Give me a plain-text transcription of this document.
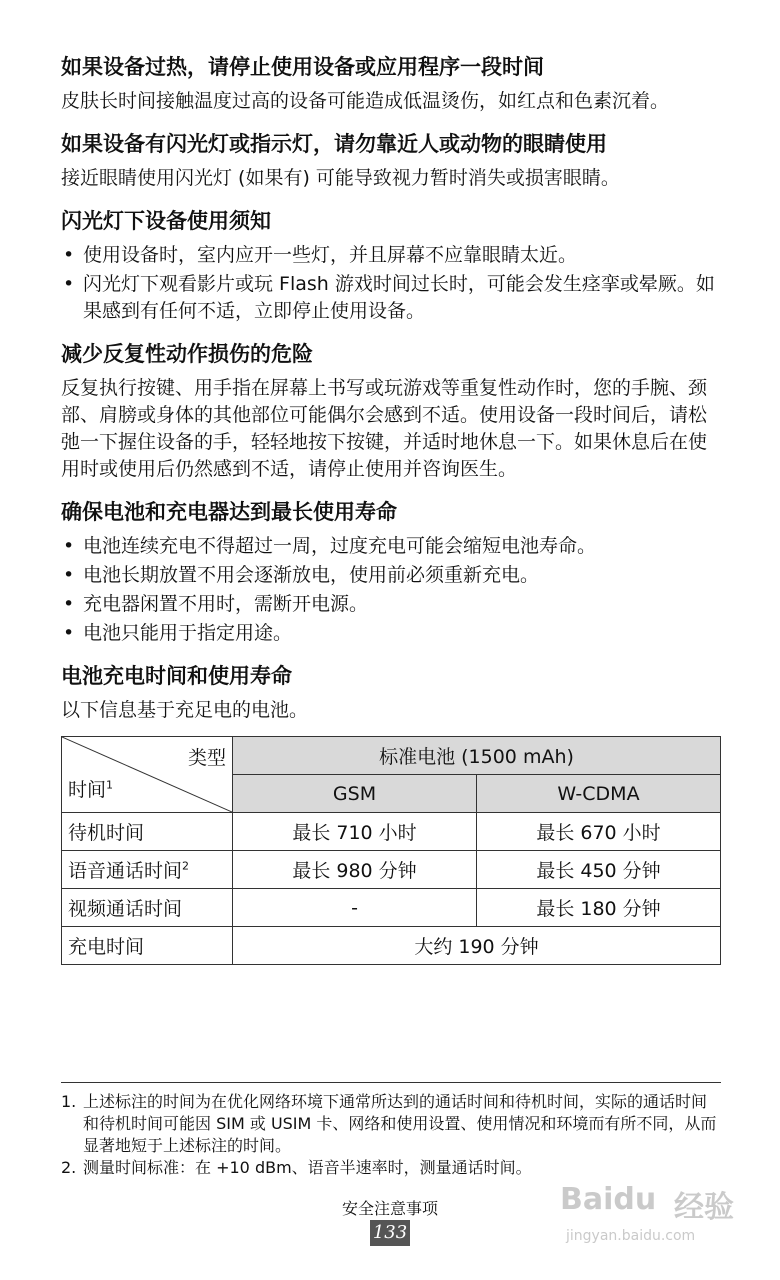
如果设备过热，请停止使用设备或应用程序一段时间

皮肤长时间接触温度过高的设备可能造成低温烫伤，如红点和色素沉着。

如果设备有闪光灯或指示灯，请勿靠近人或动物的眼睛使用

接近眼睛使用闪光灯 (如果有) 可能导致视力暂时消失或损害眼睛。

闪光灯下设备使用须知
• 使用设备时，室内应开一些灯，并且屏幕不应靠眼睛太近。
• 闪光灯下观看影片或玩 Flash 游戏时间过长时，可能会发生痉挛或晕厥。如果感到有任何不适，立即停止使用设备。
减少反复性动作损伤的危险

反复执行按键、用手指在屏幕上书写或玩游戏等重复性动作时，您的手腕、颈部、肩膀或身体的其他部位可能偶尔会感到不适。使用设备一段时间后，请松弛一下握住设备的手，轻轻地按下按键，并适时地休息一下。如果休息后在使用时或使用后仍然感到不适，请停止使用并咨询医生。

确保电池和充电器达到最长使用寿命
• 电池连续充电不得超过一周，过度充电可能会缩短电池寿命。
• 电池长期放置不用会逐渐放电，使用前必须重新充电。
• 充电器闲置不用时，需断开电源。
• 电池只能用于指定用途。
电池充电时间和使用寿命

以下信息基于充足电的电池。

类型
时间$^1$	标准电池 (1500 mAh)	
	GSM	W-CDMA
待机时间	最长 710 小时	最长 670 小时
语音通话时间$^2$	最长 980 分钟	最长 450 分钟
视频通话时间	-	最长 180 分钟
充电时间	大约 190 分钟	
1. 上述标注的时间为在优化网络环境下通常所达到的通话时间和待机时间，实际的通话时间和待机时间可能因 SIM 或 USIM 卡、网络和使用设置、使用情况和环境而有所不同，从而显著地短于上述标注的时间。
2. 测量时间标准：在 +10 dBm、语音半速率时，测量通话时间。
安全注意事项
133
Baidu 经验
jingyan.baidu.com
